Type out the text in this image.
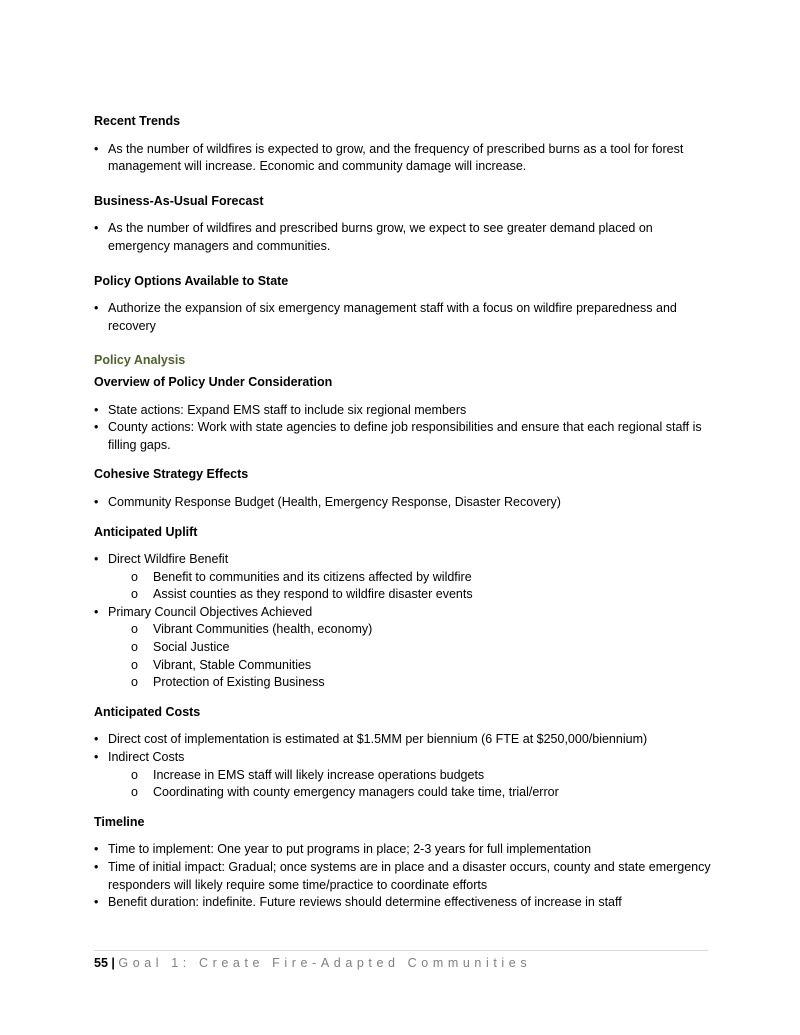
Recent Trends

• As the number of wildfires is expected to grow, and the frequency of prescribed burns as a tool for forest management will increase. Economic and community damage will increase.

Business-As-Usual Forecast

• As the number of wildfires and prescribed burns grow, we expect to see greater demand placed on emergency managers and communities.

Policy Options Available to State

• Authorize the expansion of six emergency management staff with a focus on wildfire preparedness and recovery

Policy Analysis

Overview of Policy Under Consideration

• State actions: Expand EMS staff to include six regional members
• County actions: Work with state agencies to define job responsibilities and ensure that each regional staff is filling gaps.

Cohesive Strategy Effects

• Community Response Budget (Health, Emergency Response, Disaster Recovery)

Anticipated Uplift

• Direct Wildfire Benefit
o Benefit to communities and its citizens affected by wildfire
o Assist counties as they respond to wildfire disaster events
• Primary Council Objectives Achieved
o Vibrant Communities (health, economy)
o Social Justice
o Vibrant, Stable Communities
o Protection of Existing Business

Anticipated Costs

• Direct cost of implementation is estimated at $1.5MM per biennium (6 FTE at $250,000/biennium)
• Indirect Costs
o Increase in EMS staff will likely increase operations budgets
o Coordinating with county emergency managers could take time, trial/error

Timeline

• Time to implement: One year to put programs in place; 2-3 years for full implementation
• Time of initial impact: Gradual; once systems are in place and a disaster occurs, county and state emergency responders will likely require some time/practice to coordinate efforts
• Benefit duration: indefinite. Future reviews should determine effectiveness of increase in staff
55 | Goal 1: Create Fire-Adapted Communities
